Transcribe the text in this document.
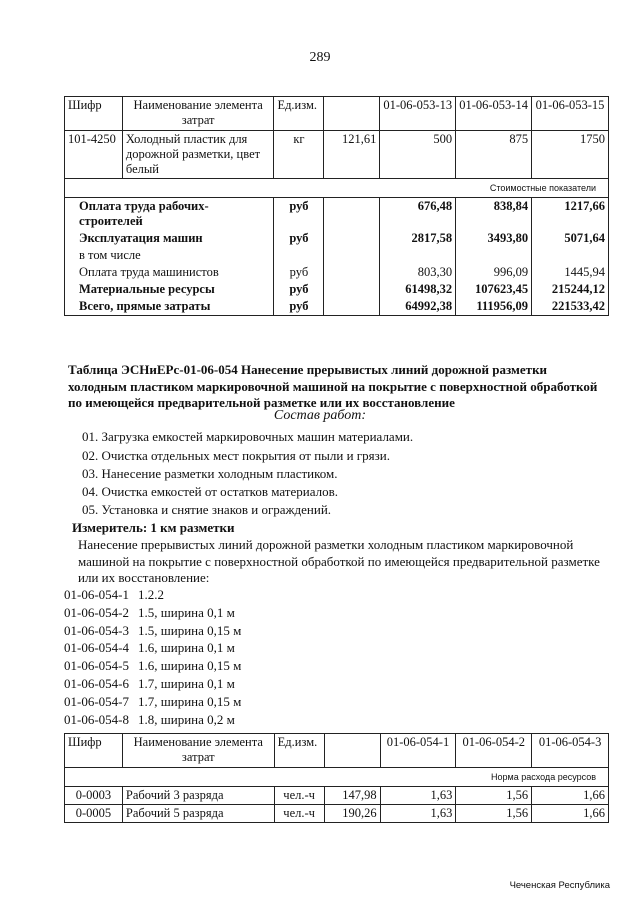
289
Шифр	Наименование элемента затрат	Ед.изм.		01-06-053-13	01-06-053-14	01-06-053-15
101-4250	Холодный пластик для дорожной разметки, цвет белый	кг	121,61	500	875	1750
Стоимостные показатели						
Оплата труда рабочих-строителей		руб		676,48	838,84	1217,66
Эксплуатация машин		руб		2817,58	3493,80	5071,64
в том числе						
Оплата труда машинистов		руб		803,30	996,09	1445,94
Материальные ресурсы		руб		61498,32	107623,45	215244,12
Всего, прямые затраты		руб		64992,38	111956,09	221533,42
Таблица ЭСНиЕРс-01-06-054 Нанесение прерывистых линий дорожной разметки холодным пластиком маркировочной машиной на покрытие с поверхностной обработкой по имеющейся предварительной разметке или их восстановление
Состав работ:
01. Загрузка емкостей маркировочных машин материалами.
02. Очистка отдельных мест покрытия от пыли и грязи.
03. Нанесение разметки холодным пластиком.
04. Очистка емкостей от остатков материалов.
05. Установка и снятие знаков и ограждений.
Измеритель: 1 км разметки
Нанесение прерывистых линий дорожной разметки холодным пластиком маркировочной машиной на покрытие с поверхностной обработкой по имеющейся предварительной разметке или их восстановление:
01-06-054-1 1.2.2
01-06-054-2 1.5, ширина 0,1 м
01-06-054-3 1.5, ширина 0,15 м
01-06-054-4 1.6, ширина 0,1 м
01-06-054-5 1.6, ширина 0,15 м
01-06-054-6 1.7, ширина 0,1 м
01-06-054-7 1.7, ширина 0,15 м
01-06-054-8 1.8, ширина 0,2 м
Шифр	Наименование элемента затрат	Ед.изм.		01-06-054-1	01-06-054-2	01-06-054-3
Норма расхода ресурсов						
0-0003	Рабочий 3 разряда	чел.-ч	147,98	1,63	1,56	1,66
0-0005	Рабочий 5 разряда	чел.-ч	190,26	1,63	1,56	1,66
Чеченская Республика
